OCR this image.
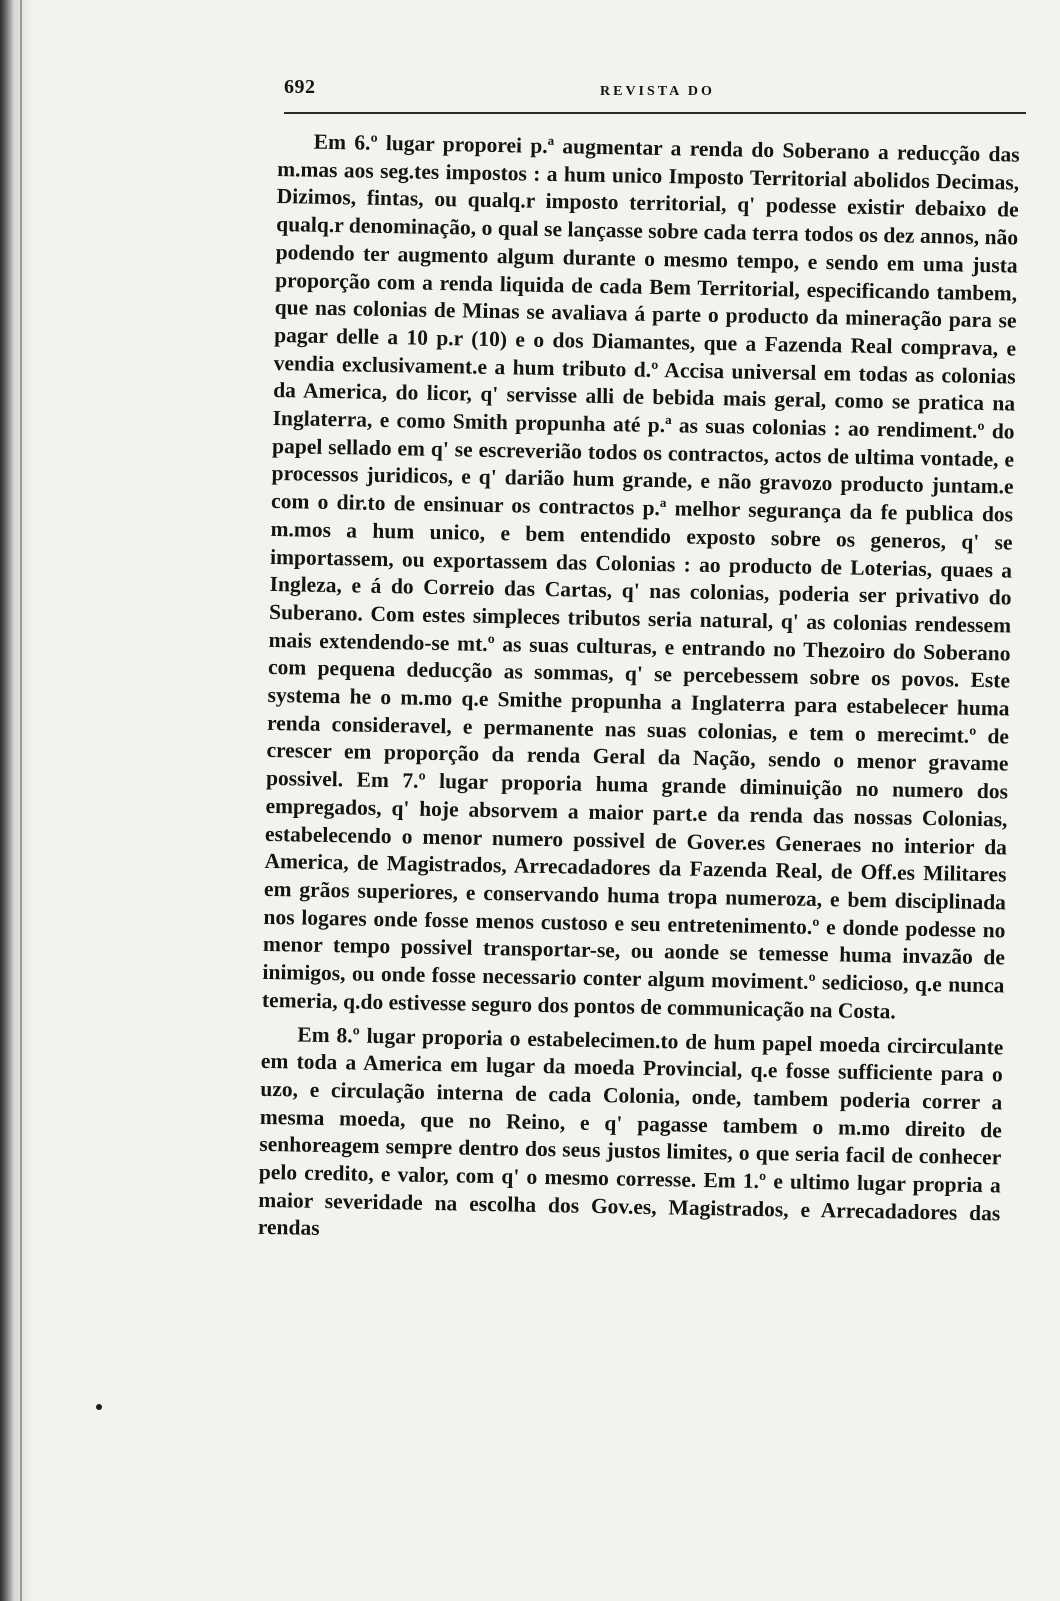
692	REVISTA DO

Em 6.º lugar proporei p.ª augmentar a renda do Soberano a reducção das m.mas aos seg.tes impostos : a hum unico Imposto Territorial abolidos Decimas, Dizimos, fintas, ou qualq.r imposto territorial, q' podesse existir debaixo de qualq.r denominação, o qual se lançasse sobre cada terra todos os dez annos, não podendo ter augmento algum durante o mesmo tempo, e sendo em uma justa proporção com a renda liquida de cada Bem Territorial, especificando tambem, que nas colonias de Minas se avaliava á parte o producto da mineração para se pagar delle a 10 p.r (10) e o dos Diamantes, que a Fazenda Real comprava, e vendia exclusivament.e a hum tributo d.º Accisa universal em todas as colonias da America, do licor, q' servisse alli de bebida mais geral, como se pratica na Inglaterra, e como Smith propunha até p.ª as suas colonias : ao rendiment.º do papel sellado em q' se escreverião todos os contractos, actos de ultima vontade, e processos juridicos, e q' darião hum grande, e não gravozo producto juntam.e com o dir.to de ensinuar os contractos p.ª melhor segurança da fe publica dos m.mos a hum unico, e bem entendido exposto sobre os generos, q' se importassem, ou exportassem das Colonias : ao producto de Loterias, quaes a Ingleza, e á do Correio das Cartas, q' nas colonias, poderia ser privativo do Suberano. Com estes simpleces tributos seria natural, q' as colonias rendessem mais extendendo-se mt.º as suas culturas, e entrando no Thezoiro do Soberano com pequena deducção as sommas, q' se percebessem sobre os povos. Este systema he o m.mo q.e Smithe propunha a Inglaterra para estabelecer huma renda consideravel, e permanente nas suas colonias, e tem o merecimt.º de crescer em proporção da renda Geral da Nação, sendo o menor gravame possivel. Em 7.º lugar proporia huma grande diminuição no numero dos empregados, q' hoje absorvem a maior part.e da renda das nossas Colonias, estabelecendo o menor numero possivel de Gover.es Generaes no interior da America, de Magistrados, Arrecadadores da Fazenda Real, de Off.es Militares em grãos superiores, e conservando huma tropa numeroza, e bem disciplinada nos logares onde fosse menos custoso e seu entretenimento.º e donde podesse no menor tempo possivel transportar-se, ou aonde se temesse huma invazão de inimigos, ou onde fosse necessario conter algum moviment.º sedicioso, q.e nunca temeria, q.do estivesse seguro dos pontos de communicação na Costa.

Em 8.º lugar proporia o estabelecimen.to de hum papel moeda circirculante em toda a America em lugar da moeda Provincial, q.e fosse sufficiente para o uzo, e circulação interna de cada Colonia, onde, tambem poderia correr a mesma moeda, que no Reino, e q' pagasse tambem o m.mo direito de senhoreagem sempre dentro dos seus justos limites, o que seria facil de conhecer pelo credito, e valor, com q' o mesmo corresse. Em 1.º e ultimo lugar propria a maior severidade na escolha dos Gov.es, Magistrados, e Arrecadadores das rendas
